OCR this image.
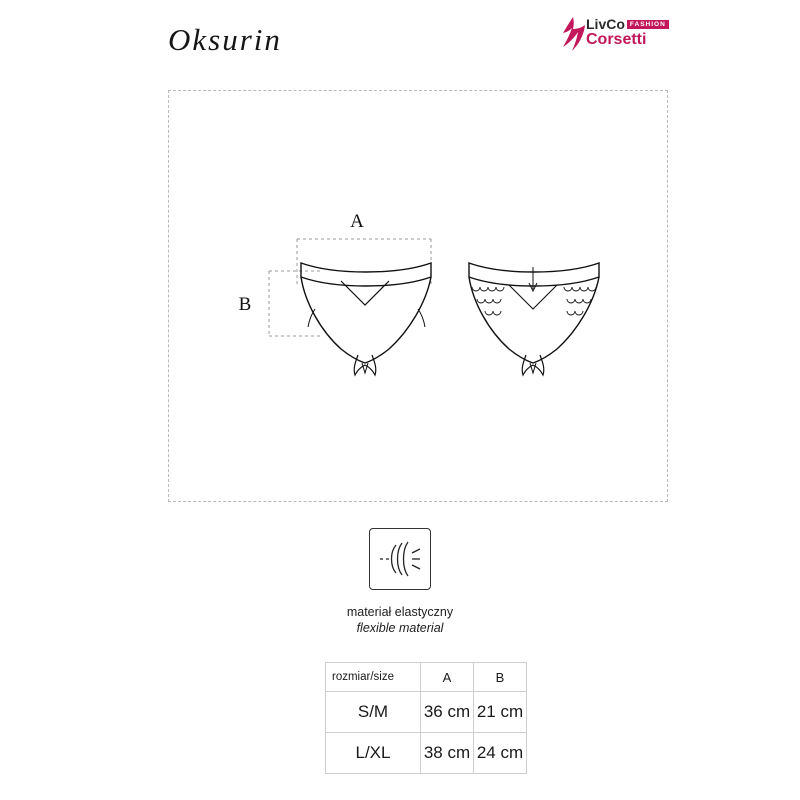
Oksurin	LivCo $^{FASHION}$
Corsetti
A
B
materiał elastyczny
flexible material
rozmiar/size	A	B
S/M	36 cm	21 cm
L/XL	38 cm	24 cm
